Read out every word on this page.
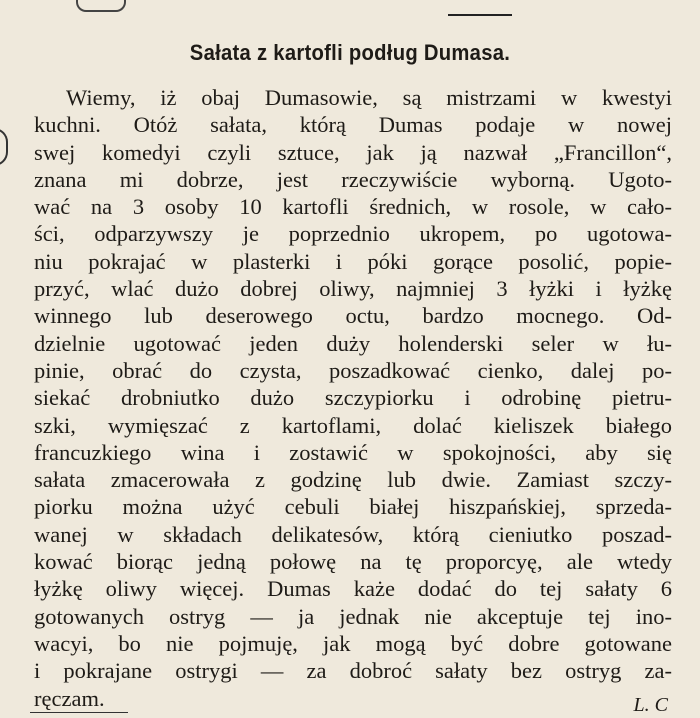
Sałata z kartofli podług Dumasa.
Wiemy, iż obaj Dumasowie, są mistrzami w kwestyi
kuchni. Otóż sałata, którą Dumas podaje w nowej
swej komedyi czyli sztuce, jak ją nazwał „Francillon“,
znana mi dobrze, jest rzeczywiście wyborną. Ugoto-
wać na 3 osoby 10 kartofli średnich, w rosole, w cało-
ści, odparzywszy je poprzednio ukropem, po ugotowa-
niu pokrajać w plasterki i póki gorące posolić, popie-
przyć, wlać dużo dobrej oliwy, najmniej 3 łyżki i łyżkę
winnego lub deserowego octu, bardzo mocnego. Od-
dzielnie ugotować jeden duży holenderski seler w łu-
pinie, obrać do czysta, poszadkować cienko, dalej po-
siekać drobniutko dużo szczypiorku i odrobinę pietru-
szki, wymięszać z kartoflami, dolać kieliszek białego
francuzkiego wina i zostawić w spokojności, aby się
sałata zmacerowała z godzinę lub dwie. Zamiast szczy-
piorku można użyć cebuli białej hiszpańskiej, sprzeda-
wanej w składach delikatesów, którą cieniutko poszad-
kować biorąc jedną połowę na tę proporcyę, ale wtedy
łyżkę oliwy więcej. Dumas każe dodać do tej sałaty 6
gotowanych ostryg — ja jednak nie akceptuje tej ino-
wacyi, bo nie pojmuję, jak mogą być dobre gotowane
i pokrajane ostrygi — za dobroć sałaty bez ostryg za-
ręczam.	L. C
